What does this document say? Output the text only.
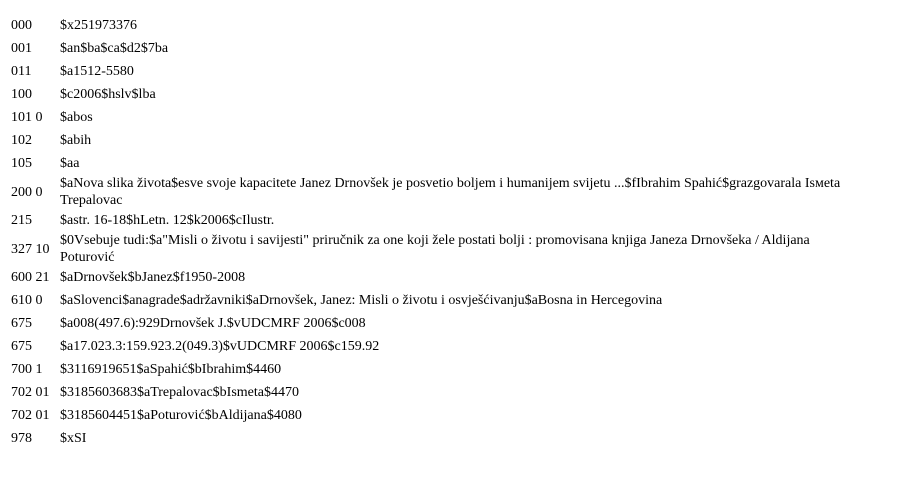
000	$x251973376
001	$an$ba$ca$d2$7ba
011	$a1512-5580
100	$c2006$hslv$lba
101 0	$abos
102	$abih
105	$aa
200 0	$aNova slika života$esve svoje kapacitete Janez Drnovšek je posvetio boljem i humanijem svijetu ...$fIbrahim Spahić$grazgovarala Isмeta Trepalovac
215	$astr. 16-18$hLetn. 12$k2006$cIlustr.
327 10	$0Vsebuje tudi:$a"Misli o životu i savijesti" priručnik za one koji žele postati bolji : promovisana knjiga Janeza Drnovšeka / Aldijana Poturović
600 21	$aDrnovšek$bJanez$f1950-2008
610 0	$aSlovenci$anagrade$adržavniki$aDrnovšek, Janez: Misli o životu i osvješćivanju$aBosna in Hercegovina
675	$a008(497.6):929Drnovšek J.$vUDCMRF 2006$c008
675	$a17.023.3:159.923.2(049.3)$vUDCMRF 2006$c159.92
700 1	$3116919651$aSpahić$bIbrahim$4460
702 01	$3185603683$aTrepalovac$bIsmeta$4470
702 01	$3185604451$aPoturović$bAldijana$4080
978	$xSI
